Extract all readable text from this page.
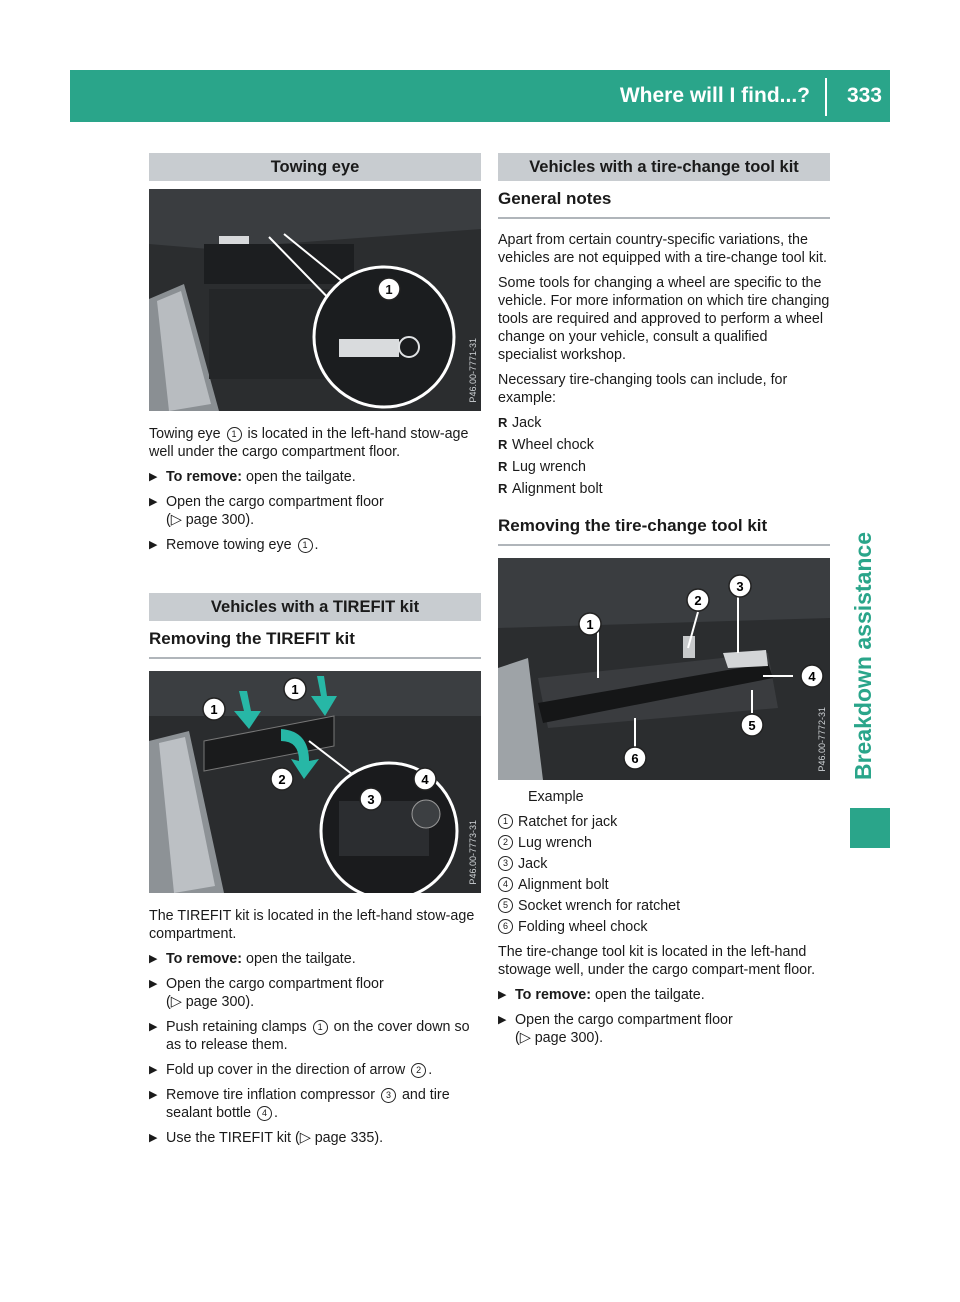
Where will I find...? 333
Breakdown assistance
Towing eye
1
P46.00-7771-31

Towing eye 1 is located in the left-hand stow-age well under the cargo compartment floor.

▶ To remove: open the tailgate.
▶ Open the cargo compartment floor
(▷ page 300).
▶ Remove towing eye 1 .
Vehicles with a TIREFIT kit
Removing the TIREFIT kit
1
1
2
3
4
P46.00-7773-31

The TIREFIT kit is located in the left-hand stow-age compartment.

▶ To remove: open the tailgate.
▶ Open the cargo compartment floor
(▷ page 300).
▶ Push retaining clamps 1 on the cover down so as to release them.
▶ Fold up cover in the direction of arrow 2 .
▶ Remove tire inflation compressor 3 and tire sealant bottle 4 .
▶ Use the TIREFIT kit (▷ page 335).
Vehicles with a tire-change tool kit
General notes

Apart from certain country-specific variations, the vehicles are not equipped with a tire-change tool kit.

Some tools for changing a wheel are specific to the vehicle. For more information on which tire changing tools are required and approved to perform a wheel change on your vehicle, consult a qualified specialist workshop.

Necessary tire-changing tools can include, for example:

R Jack
R Wheel chock
R Lug wrench
R Alignment bolt
Removing the tire-change tool kit
1
2
3
4
5
6	P46.00-7772-31

Example

1 Ratchet for jack
2 Lug wrench
3 Jack
4 Alignment bolt
5 Socket wrench for ratchet
6 Folding wheel chock

The tire-change tool kit is located in the left-hand stowage well, under the cargo compart-ment floor.

▶ To remove: open the tailgate.
▶ Open the cargo compartment floor
(▷ page 300).
